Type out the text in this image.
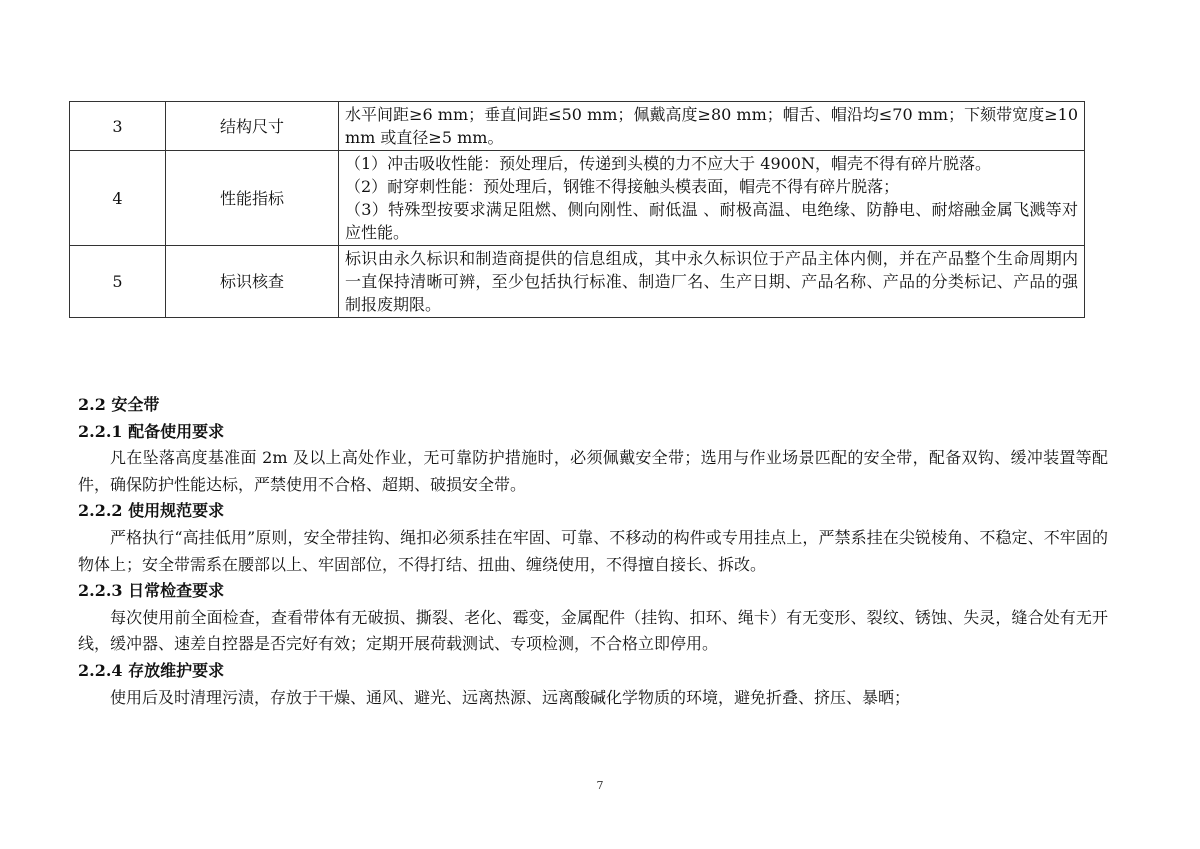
3	结构尺寸	水平间距≥6 mm；垂直间距≤50 mm；佩戴高度≥80 mm；帽舌、帽沿均≤70 mm；下颏带宽度≥10 mm 或直径≥5 mm。

4	性能指标	（1）冲击吸收性能：预处理后，传递到头模的力不应大于 4900N，帽壳不得有碎片脱落。
（2）耐穿刺性能：预处理后，钢锥不得接触头模表面，帽壳不得有碎片脱落；
（3）特殊型按要求满足阻燃、侧向刚性、耐低温 、耐极高温、电绝缘、防静电、耐熔融金属飞溅等对应性能。

5	标识核查	标识由永久标识和制造商提供的信息组成，其中永久标识位于产品主体内侧，并在产品整个生命周期内一直保持清晰可辨，至少包括执行标准、制造厂名、生产日期、产品名称、产品的分类标记、产品的强制报废期限。

2.2 安全带

2.2.1 配备使用要求

凡在坠落高度基准面 2m 及以上高处作业，无可靠防护措施时，必须佩戴安全带；选用与作业场景匹配的安全带，配备双钩、缓冲装置等配件，确保防护性能达标，严禁使用不合格、超期、破损安全带。

2.2.2 使用规范要求

严格执行“高挂低用”原则，安全带挂钩、绳扣必须系挂在牢固、可靠、不移动的构件或专用挂点上，严禁系挂在尖锐棱角、不稳定、不牢固的物体上；安全带需系在腰部以上、牢固部位，不得打结、扭曲、缠绕使用，不得擅自接长、拆改。

2.2.3 日常检查要求

每次使用前全面检查，查看带体有无破损、撕裂、老化、霉变，金属配件（挂钩、扣环、绳卡）有无变形、裂纹、锈蚀、失灵，缝合处有无开线，缓冲器、速差自控器是否完好有效；定期开展荷载测试、专项检测，不合格立即停用。

2.2.4 存放维护要求

使用后及时清理污渍，存放于干燥、通风、避光、远离热源、远离酸碱化学物质的环境，避免折叠、挤压、暴晒；

7
